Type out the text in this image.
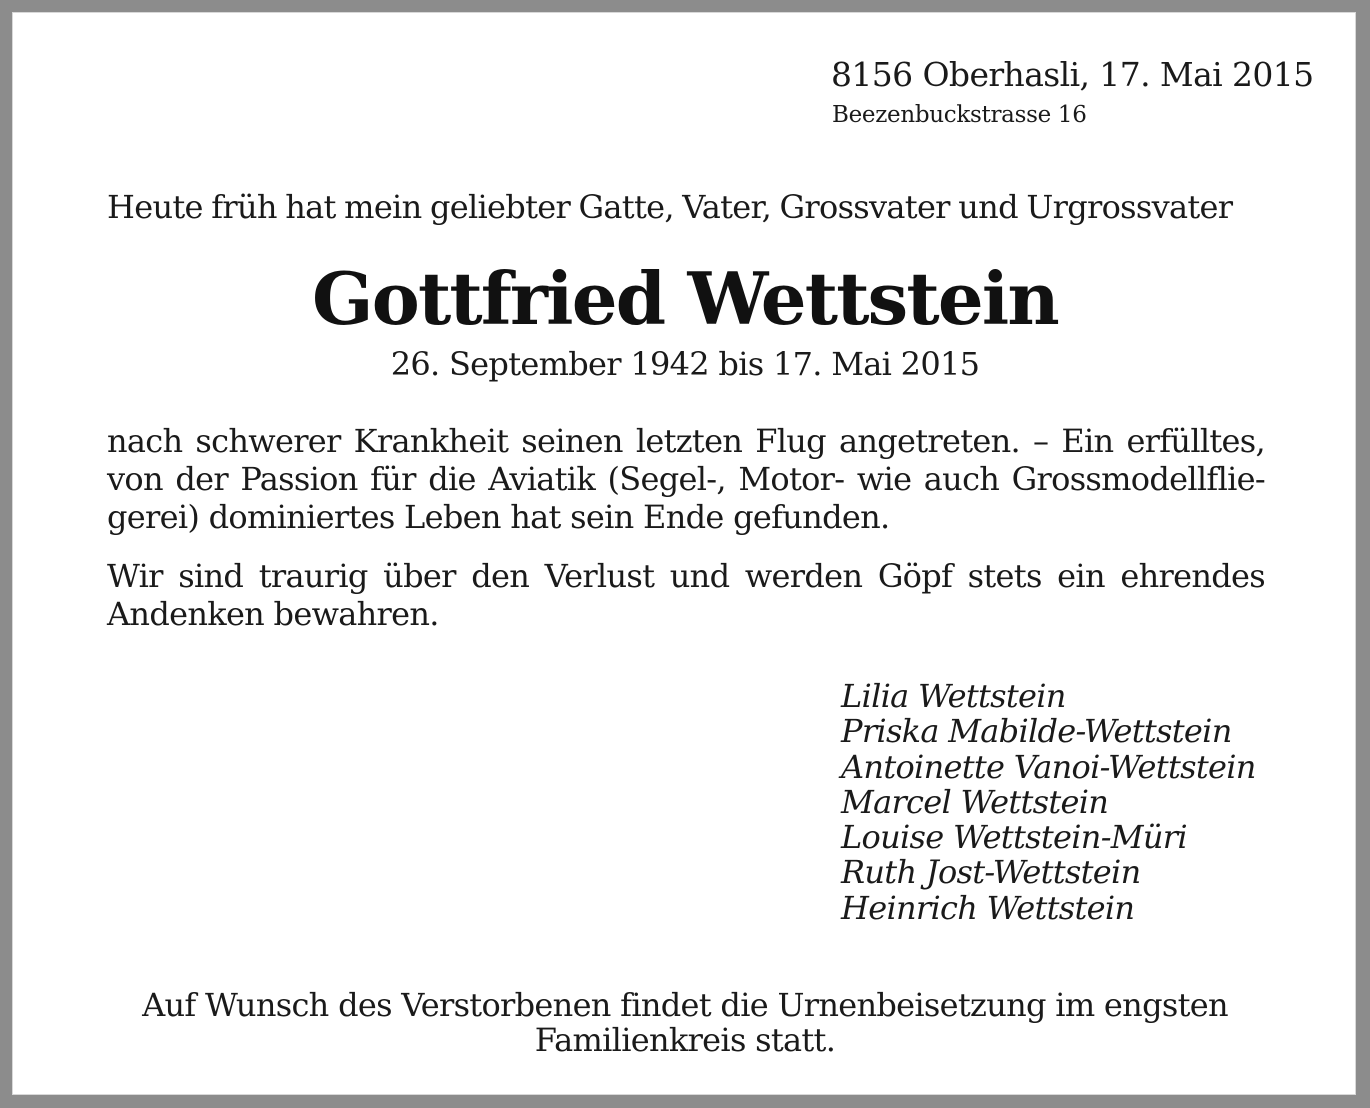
8156 Oberhasli, 17. Mai 2015
Beezenbuckstrasse 16
Heute früh hat mein geliebter Gatte, Vater, Grossvater und Urgrossvater
Gottfried Wettstein
26. September 1942 bis 17. Mai 2015
nach schwerer Krankheit seinen letzten Flug angetreten. – Ein erfülltes,
von der Passion für die Aviatik (Segel-, Motor- wie auch Grossmodellflie-
gerei) dominiertes Leben hat sein Ende gefunden.
Wir sind traurig über den Verlust und werden Göpf stets ein ehrendes
Andenken bewahren.
Lilia Wettstein
Priska Mabilde-Wettstein
Antoinette Vanoi-Wettstein
Marcel Wettstein
Louise Wettstein-Müri
Ruth Jost-Wettstein
Heinrich Wettstein
Auf Wunsch des Verstorbenen findet die Urnenbeisetzung im engsten
Familienkreis statt.
